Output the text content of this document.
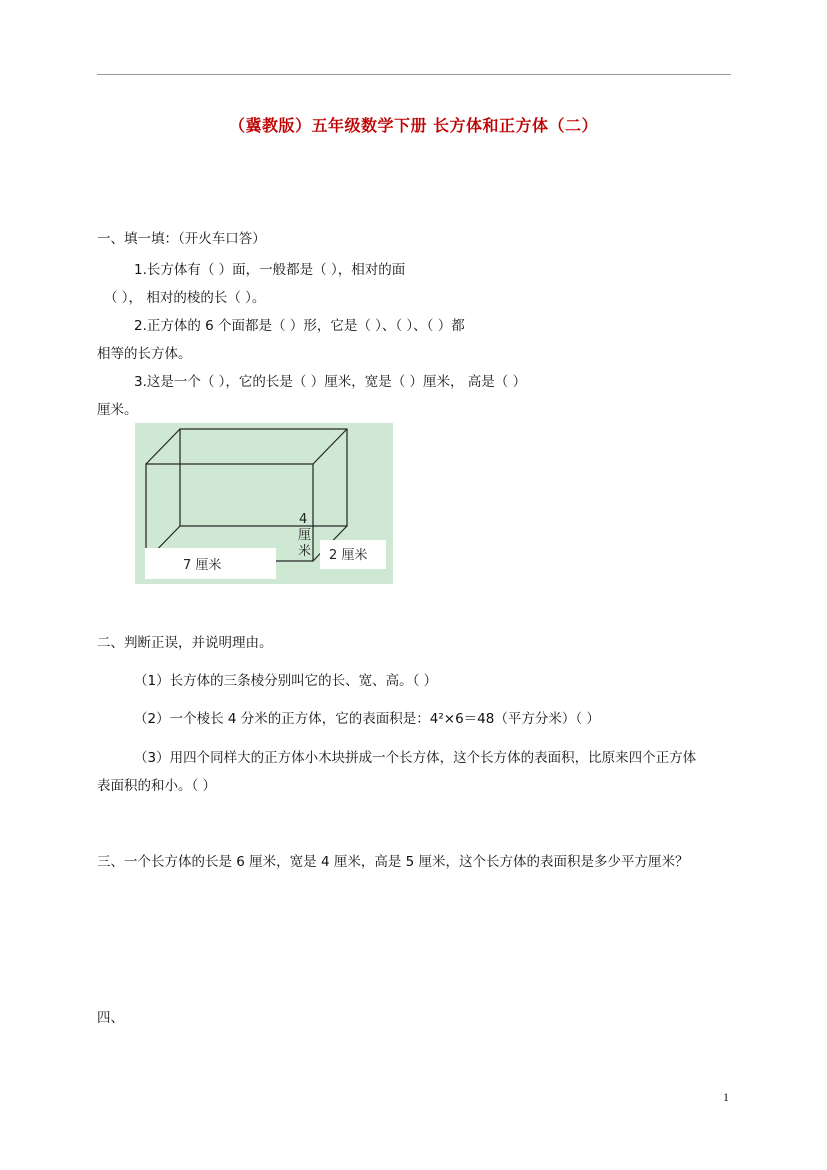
（冀教版）五年级数学下册 长方体和正方体（二）
一、填一填：（开火车口答）
1.长方体有（ ）面，一般都是（ ），相对的面
（ ）， 相对的棱的长（ ）。
2.正方体的 6 个面都是（ ）形，它是（ ）、（ ）、（ ）都
相等的长方体。
3.这是一个（ ），它的长是（ ）厘米，宽是（ ）厘米， 高是（ ）
厘米。
7 厘米
2 厘米
4
厘
米
二、判断正误，并说明理由。
（1）长方体的三条棱分别叫它的长、宽、高。（ ）
（2）一个棱长 4 分米的正方体，它的表面积是：4²×6＝48（平方分米）（ ）
（3）用四个同样大的正方体小木块拼成一个长方体，这个长方体的表面积，比原来四个正方体
表面积的和小。（ ）
三、一个长方体的长是 6 厘米，宽是 4 厘米，高是 5 厘米，这个长方体的表面积是多少平方厘米？
四、
1
